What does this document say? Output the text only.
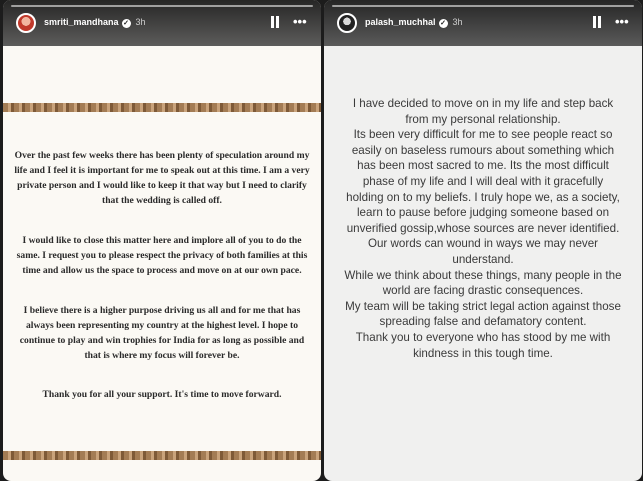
smriti_mandhana ✓ 3h	•••

Over the past few weeks there has been plenty of speculation around my life and I feel it is important for me to speak out at this time. I am a very private person and I would like to keep it that way but I need to clarify that the wedding is called off.

I would like to close this matter here and implore all of you to do the same. I request you to please respect the privacy of both families at this time and allow us the space to process and move on at our own pace.

I believe there is a higher purpose driving us all and for me that has always been representing my country at the highest level. I hope to continue to play and win trophies for India for as long as possible and that is where my focus will forever be.

Thank you for all your support. It's time to move forward.

palash_muchhal ✓ 3h	•••

I have decided to move on in my life and step back from my personal relationship.

Its been very difficult for me to see people react so easily on baseless rumours about something which has been most sacred to me. Its the most difficult phase of my life and I will deal with it gracefully holding on to my beliefs. I truly hope we, as a society, learn to pause before judging someone based on unverified gossip,whose sources are never identified. Our words can wound in ways we may never understand.

While we think about these things, many people in the world are facing drastic consequences.

My team will be taking strict legal action against those spreading false and defamatory content.

Thank you to everyone who has stood by me with kindness in this tough time.
